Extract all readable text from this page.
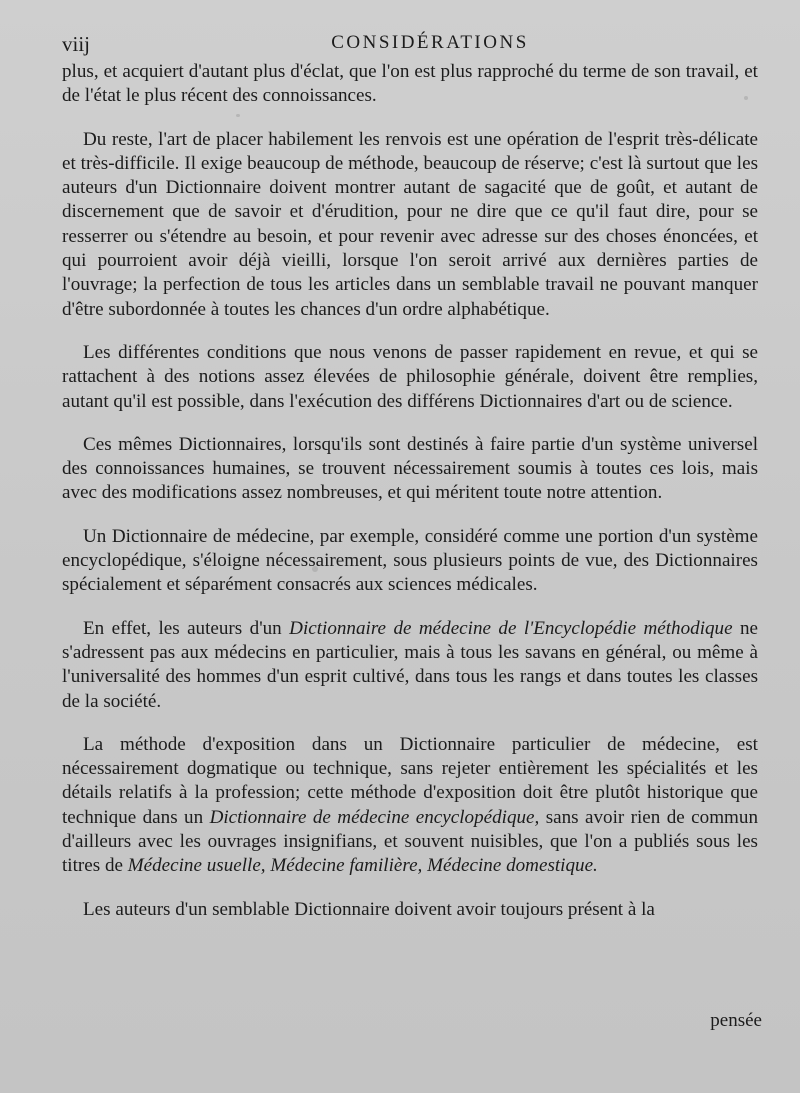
viij	CONSIDÉRATIONS

plus, et acquiert d'autant plus d'éclat, que l'on est plus rapproché du terme de son travail, et de l'état le plus récent des connoissances.

Du reste, l'art de placer habilement les renvois est une opération de l'esprit très-délicate et très-difficile. Il exige beaucoup de méthode, beaucoup de réserve; c'est là surtout que les auteurs d'un Dictionnaire doivent montrer autant de sagacité que de goût, et autant de discernement que de savoir et d'érudition, pour ne dire que ce qu'il faut dire, pour se resserrer ou s'étendre au besoin, et pour revenir avec adresse sur des choses énoncées, et qui pourroient avoir déjà vieilli, lorsque l'on seroit arrivé aux dernières parties de l'ouvrage; la perfection de tous les articles dans un semblable travail ne pouvant manquer d'être subordonnée à toutes les chances d'un ordre alphabétique.

Les différentes conditions que nous venons de passer rapidement en revue, et qui se rattachent à des notions assez élevées de philosophie générale, doivent être remplies, autant qu'il est possible, dans l'exécution des différens Dictionnaires d'art ou de science.

Ces mêmes Dictionnaires, lorsqu'ils sont destinés à faire partie d'un système universel des connoissances humaines, se trouvent nécessairement soumis à toutes ces lois, mais avec des modifications assez nombreuses, et qui méritent toute notre attention.

Un Dictionnaire de médecine, par exemple, considéré comme une portion d'un système encyclopédique, s'éloigne nécessairement, sous plusieurs points de vue, des Dictionnaires spécialement et séparément consacrés aux sciences médicales.

En effet, les auteurs d'un Dictionnaire de médecine de l'Encyclopédie méthodique ne s'adressent pas aux médecins en particulier, mais à tous les savans en général, ou même à l'universalité des hommes d'un esprit cultivé, dans tous les rangs et dans toutes les classes de la société.

La méthode d'exposition dans un Dictionnaire particulier de médecine, est nécessairement dogmatique ou technique, sans rejeter entièrement les spécialités et les détails relatifs à la profession; cette méthode d'exposition doit être plutôt historique que technique dans un Dictionnaire de médecine encyclopédique, sans avoir rien de commun d'ailleurs avec les ouvrages insignifians, et souvent nuisibles, que l'on a publiés sous les titres de Médecine usuelle, Médecine familière, Médecine domestique.

Les auteurs d'un semblable Dictionnaire doivent avoir toujours présent à la

pensée
